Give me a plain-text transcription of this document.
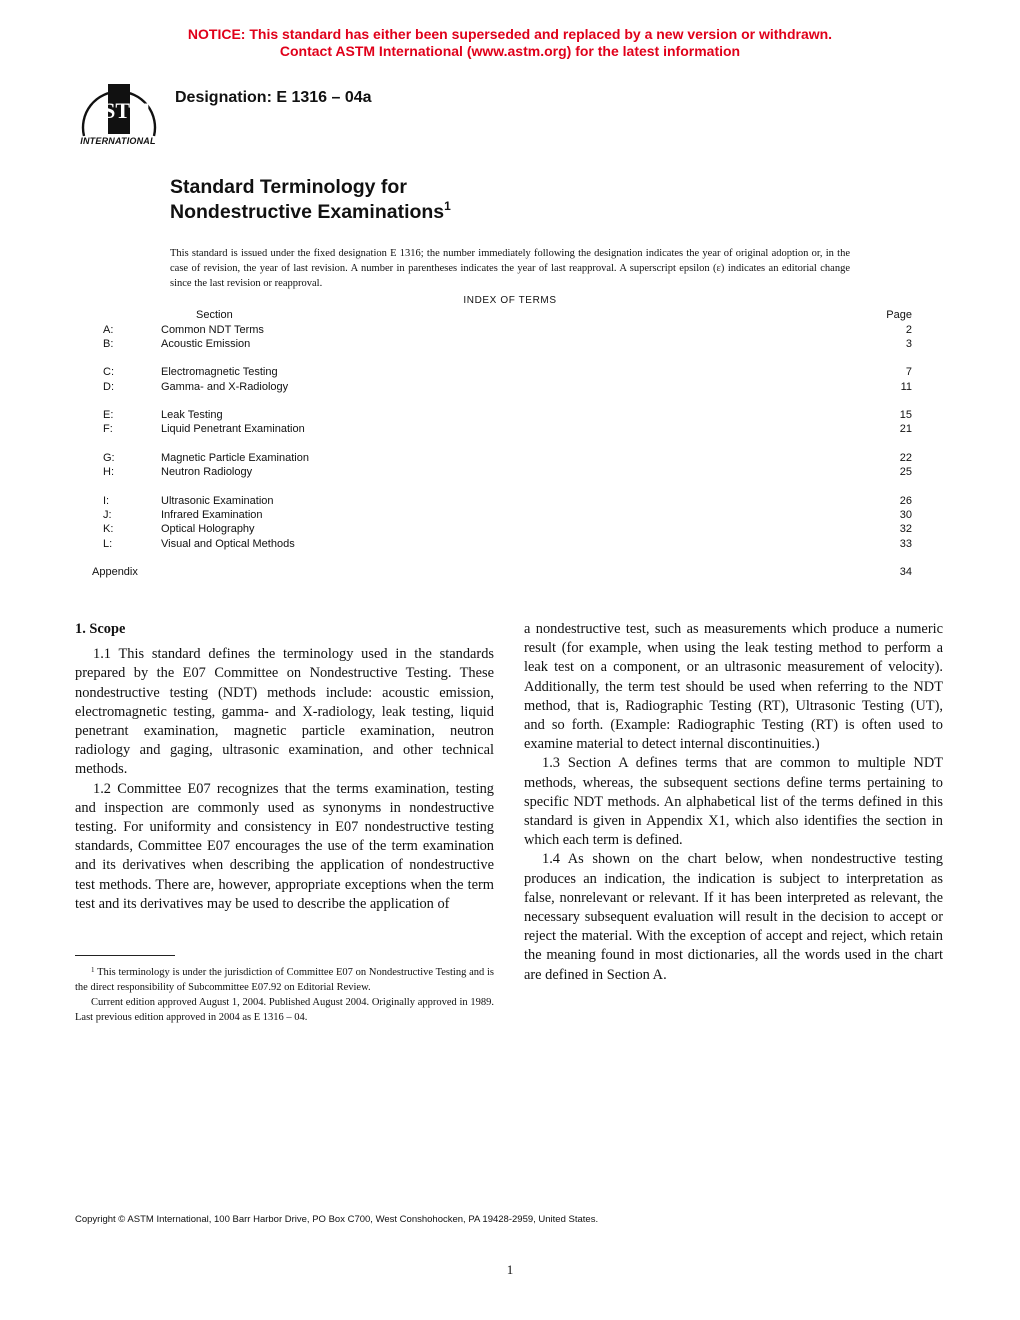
NOTICE: This standard has either been superseded and replaced by a new version or withdrawn.
Contact ASTM International (www.astm.org) for the latest information
ASTM
INTERNATIONAL
Designation: E 1316 – 04a
Standard Terminology for
Nondestructive Examinations$^1$
This standard is issued under the fixed designation E 1316; the number immediately following the designation indicates the year of original adoption or, in the case of revision, the year of last revision. A number in parentheses indicates the year of last reapproval. A superscript epsilon (ε) indicates an editorial change since the last revision or reapproval.
INDEX OF TERMS
Section	Page
A:	Common NDT Terms	2
B:	Acoustic Emission	3
C:	Electromagnetic Testing	7
D:	Gamma- and X-Radiology	11
E:	Leak Testing	15
F:	Liquid Penetrant Examination	21
G:	Magnetic Particle Examination	22
H:	Neutron Radiology	25
I:	Ultrasonic Examination	26
J:	Infrared Examination	30
K:	Optical Holography	32
L:	Visual and Optical Methods	33
Appendix	34
1. Scope

1.1 This standard defines the terminology used in the standards prepared by the E07 Committee on Nondestructive Testing. These nondestructive testing (NDT) methods include: acoustic emission, electromagnetic testing, gamma- and X-radiology, leak testing, liquid penetrant examination, magnetic particle examination, neutron radiology and gaging, ultrasonic examination, and other technical methods.

1.2 Committee E07 recognizes that the terms examination, testing and inspection are commonly used as synonyms in nondestructive testing. For uniformity and consistency in E07 nondestructive testing standards, Committee E07 encourages the use of the term examination and its derivatives when describing the application of nondestructive test methods. There are, however, appropriate exceptions when the term test and its derivatives may be used to describe the application of

a nondestructive test, such as measurements which produce a numeric result (for example, when using the leak testing method to perform a leak test on a component, or an ultrasonic measurement of velocity). Additionally, the term test should be used when referring to the NDT method, that is, Radiographic Testing (RT), Ultrasonic Testing (UT), and so forth. (Example: Radiographic Testing (RT) is often used to examine material to detect internal discontinuities.)

1.3 Section A defines terms that are common to multiple NDT methods, whereas, the subsequent sections define terms pertaining to specific NDT methods. An alphabetical list of the terms defined in this standard is given in Appendix X1, which also identifies the section in which each term is defined.

1.4 As shown on the chart below, when nondestructive testing produces an indication, the indication is subject to interpretation as false, nonrelevant or relevant. If it has been interpreted as relevant, the necessary subsequent evaluation will result in the decision to accept or reject the material. With the exception of accept and reject, which retain the meaning found in most dictionaries, all the words used in the chart are defined in Section A.

$^1$ This terminology is under the jurisdiction of Committee E07 on Nondestructive Testing and is the direct responsibility of Subcommittee E07.92 on Editorial Review.

Current edition approved August 1, 2004. Published August 2004. Originally approved in 1989. Last previous edition approved in 2004 as E 1316 – 04.

Copyright © ASTM International, 100 Barr Harbor Drive, PO Box C700, West Conshohocken, PA 19428-2959, United States.
1
